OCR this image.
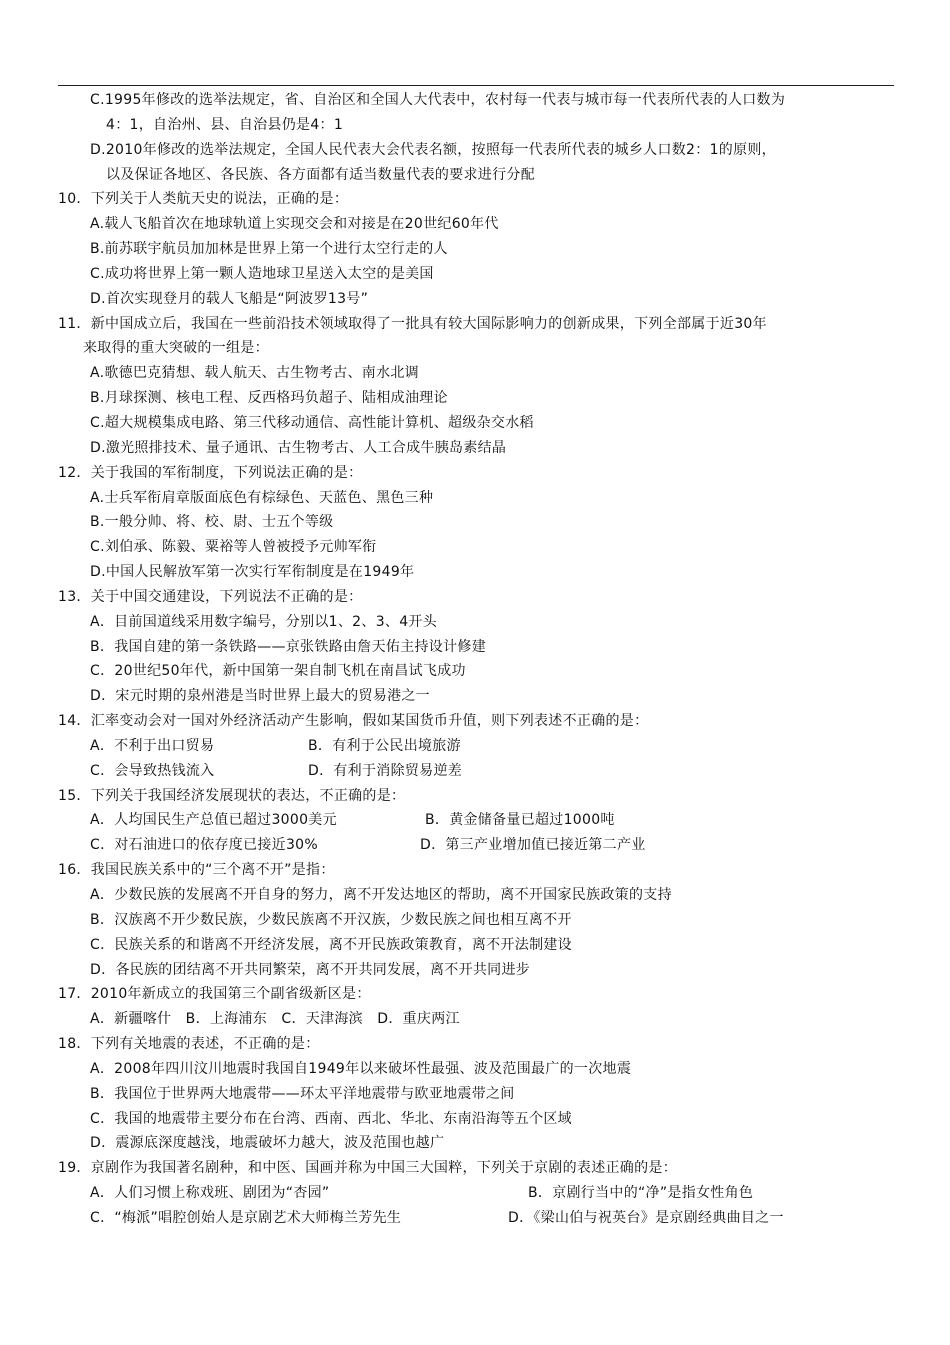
C.1995年修改的选举法规定，省、自治区和全国人大代表中，农村每一代表与城市每一代表所代表的人口数为
4：1，自治州、县、自治县仍是4：1
D.2010年修改的选举法规定，全国人民代表大会代表名额，按照每一代表所代表的城乡人口数2：1的原则，
以及保证各地区、各民族、各方面都有适当数量代表的要求进行分配
10．下列关于人类航天史的说法，正确的是：
A.载人飞船首次在地球轨道上实现交会和对接是在20世纪60年代
B.前苏联宇航员加加林是世界上第一个进行太空行走的人
C.成功将世界上第一颗人造地球卫星送入太空的是美国
D.首次实现登月的载人飞船是“阿波罗13号”
11．新中国成立后，我国在一些前沿技术领域取得了一批具有较大国际影响力的创新成果，下列全部属于近30年
来取得的重大突破的一组是：
A.歌德巴克猜想、载人航天、古生物考古、南水北调
B.月球探测、核电工程、反西格玛负超子、陆相成油理论
C.超大规模集成电路、第三代移动通信、高性能计算机、超级杂交水稻
D.激光照排技术、量子通讯、古生物考古、人工合成牛胰岛素结晶
12．关于我国的军衔制度，下列说法正确的是：
A.士兵军衔肩章版面底色有棕绿色、天蓝色、黑色三种
B.一般分帅、将、校、尉、士五个等级
C.刘伯承、陈毅、粟裕等人曾被授予元帅军衔
D.中国人民解放军第一次实行军衔制度是在1949年
13．关于中国交通建设，下列说法不正确的是：
A．目前国道线采用数字编号，分别以1、2、3、4开头
B．我国自建的第一条铁路——京张铁路由詹天佑主持设计修建
C．20世纪50年代，新中国第一架自制飞机在南昌试飞成功
D．宋元时期的泉州港是当时世界上最大的贸易港之一
14．汇率变动会对一国对外经济活动产生影响，假如某国货币升值，则下列表述不正确的是：
A．不利于出口贸易	B．有利于公民出境旅游
C．会导致热钱流入	D．有利于消除贸易逆差
15．下列关于我国经济发展现状的表达，不正确的是：
A．人均国民生产总值已超过3000美元	B．黄金储备量已超过1000吨
C．对石油进口的依存度已接近30%	D．第三产业增加值已接近第二产业
16．我国民族关系中的“三个离不开”是指：
A．少数民族的发展离不开自身的努力，离不开发达地区的帮助，离不开国家民族政策的支持
B．汉族离不开少数民族，少数民族离不开汉族，少数民族之间也相互离不开
C．民族关系的和谐离不开经济发展，离不开民族政策教育，离不开法制建设
D．各民族的团结离不开共同繁荣，离不开共同发展，离不开共同进步
17．2010年新成立的我国第三个副省级新区是：
A．新疆喀什　B．上海浦东　C．天津海滨　D．重庆两江
18．下列有关地震的表述，不正确的是：
A．2008年四川汶川地震时我国自1949年以来破坏性最强、波及范围最广的一次地震
B．我国位于世界两大地震带——环太平洋地震带与欧亚地震带之间
C．我国的地震带主要分布在台湾、西南、西北、华北、东南沿海等五个区域
D．震源底深度越浅，地震破坏力越大，波及范围也越广
19．京剧作为我国著名剧种，和中医、国画并称为中国三大国粹，下列关于京剧的表述正确的是：
A．人们习惯上称戏班、剧团为“杏园”	B．京剧行当中的“净”是指女性角色
C．“梅派”唱腔创始人是京剧艺术大师梅兰芳先生	D．《梁山伯与祝英台》是京剧经典曲目之一
